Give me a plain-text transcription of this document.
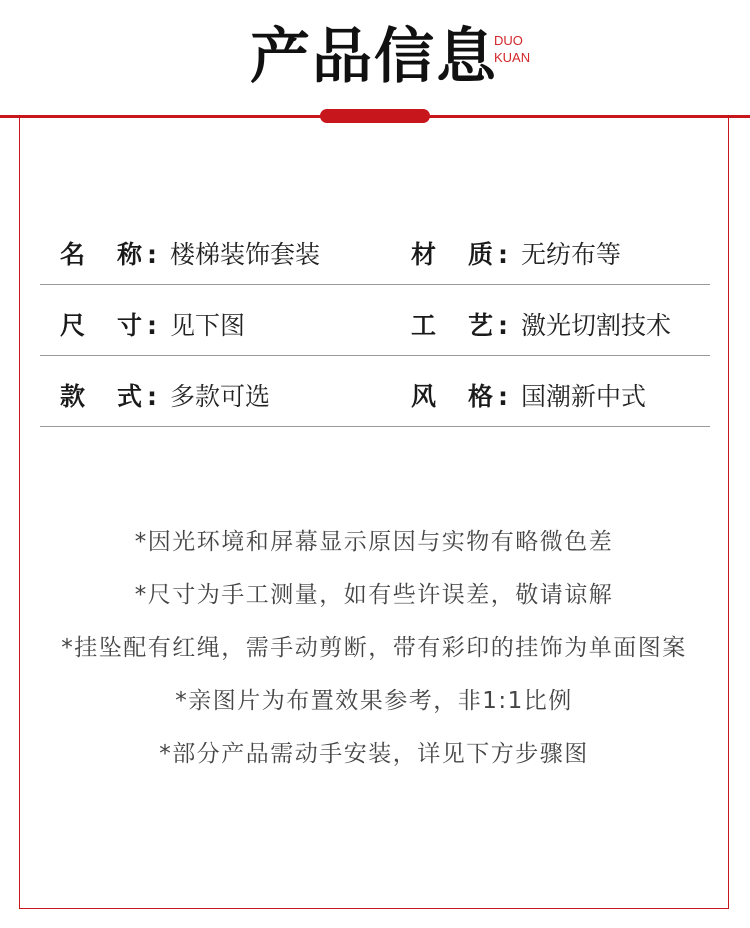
产品信息
DUO
KUAN
名 称 : 楼梯装饰套装	材 质 : 无纺布等
尺 寸 : 见下图	工 艺 : 激光切割技术
款 式 : 多款可选	风 格 : 国潮新中式
*因光环境和屏幕显示原因与实物有略微色差
*尺寸为手工测量，如有些许误差，敬请谅解
*挂坠配有红绳，需手动剪断，带有彩印的挂饰为单面图案
*亲图片为布置效果参考，非1:1比例
*部分产品需动手安装，详见下方步骤图
